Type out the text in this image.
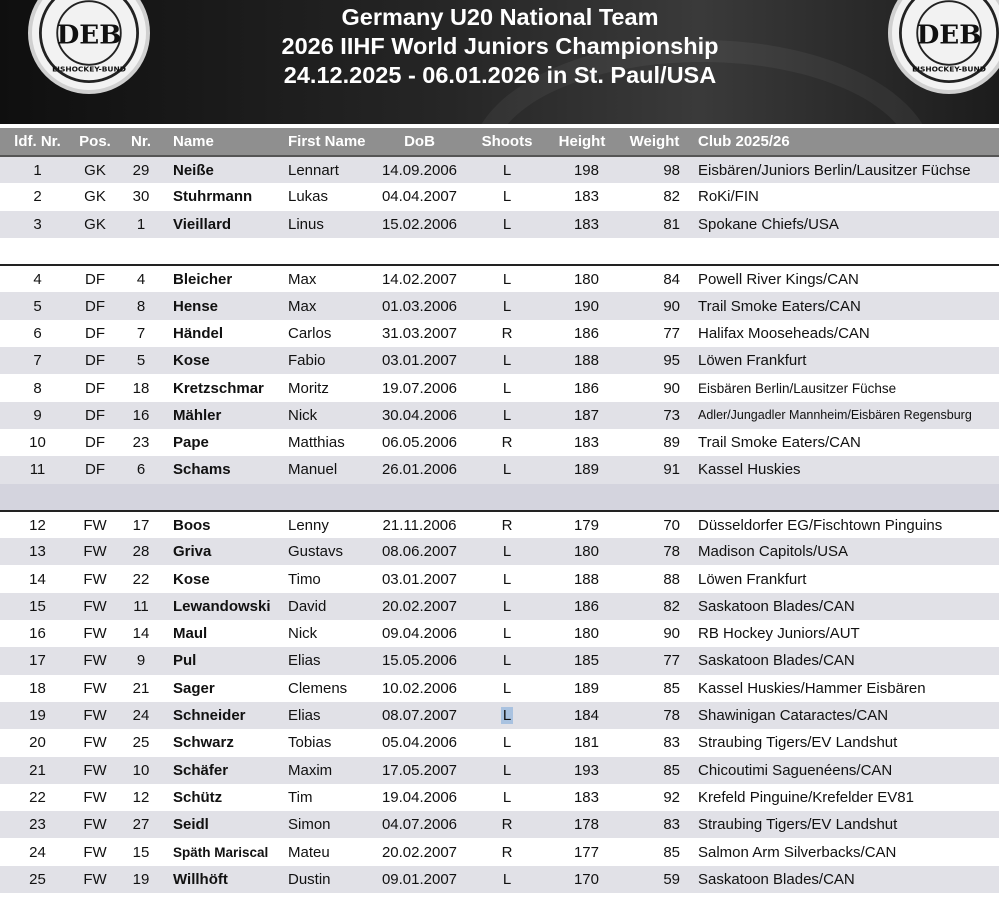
DEB
EISHOCKEY-BUND
Germany U20 National Team
2026 IIHF World Juniors Championship
24.12.2025 - 06.01.2026 in St. Paul/USA
DEB
EISHOCKEY-BUND
ldf. Nr.	Pos.	Nr.	Name	First Name	DoB	Shoots	Height	Weight	Club 2025/26
1	GK	29	Neiße	Lennart	14.09.2006	L	198	98	Eisbären/Juniors Berlin/Lausitzer Füchse
2	GK	30	Stuhrmann	Lukas	04.04.2007	L	183	82	RoKi/FIN
3	GK	1	Vieillard	Linus	15.02.2006	L	183	81	Spokane Chiefs/USA

4	DF	4	Bleicher	Max	14.02.2007	L	180	84	Powell River Kings/CAN
5	DF	8	Hense	Max	01.03.2006	L	190	90	Trail Smoke Eaters/CAN
6	DF	7	Händel	Carlos	31.03.2007	R	186	77	Halifax Mooseheads/CAN
7	DF	5	Kose	Fabio	03.01.2007	L	188	95	Löwen Frankfurt
8	DF	18	Kretzschmar	Moritz	19.07.2006	L	186	90	Eisbären Berlin/Lausitzer Füchse
9	DF	16	Mähler	Nick	30.04.2006	L	187	73	Adler/Jungadler Mannheim/Eisbären Regensburg
10	DF	23	Pape	Matthias	06.05.2006	R	183	89	Trail Smoke Eaters/CAN
11	DF	6	Schams	Manuel	26.01.2006	L	189	91	Kassel Huskies

12	FW	17	Boos	Lenny	21.11.2006	R	179	70	Düsseldorfer EG/Fischtown Pinguins
13	FW	28	Griva	Gustavs	08.06.2007	L	180	78	Madison Capitols/USA
14	FW	22	Kose	Timo	03.01.2007	L	188	88	Löwen Frankfurt
15	FW	11	Lewandowski	David	20.02.2007	L	186	82	Saskatoon Blades/CAN
16	FW	14	Maul	Nick	09.04.2006	L	180	90	RB Hockey Juniors/AUT
17	FW	9	Pul	Elias	15.05.2006	L	185	77	Saskatoon Blades/CAN
18	FW	21	Sager	Clemens	10.02.2006	L	189	85	Kassel Huskies/Hammer Eisbären
19	FW	24	Schneider	Elias	08.07.2007	L	184	78	Shawinigan Cataractes/CAN
20	FW	25	Schwarz	Tobias	05.04.2006	L	181	83	Straubing Tigers/EV Landshut
21	FW	10	Schäfer	Maxim	17.05.2007	L	193	85	Chicoutimi Saguenéens/CAN
22	FW	12	Schütz	Tim	19.04.2006	L	183	92	Krefeld Pinguine/Krefelder EV81
23	FW	27	Seidl	Simon	04.07.2006	R	178	83	Straubing Tigers/EV Landshut
24	FW	15	Späth Mariscal	Mateu	20.02.2007	R	177	85	Salmon Arm Silverbacks/CAN
25	FW	19	Willhöft	Dustin	09.01.2007	L	170	59	Saskatoon Blades/CAN
